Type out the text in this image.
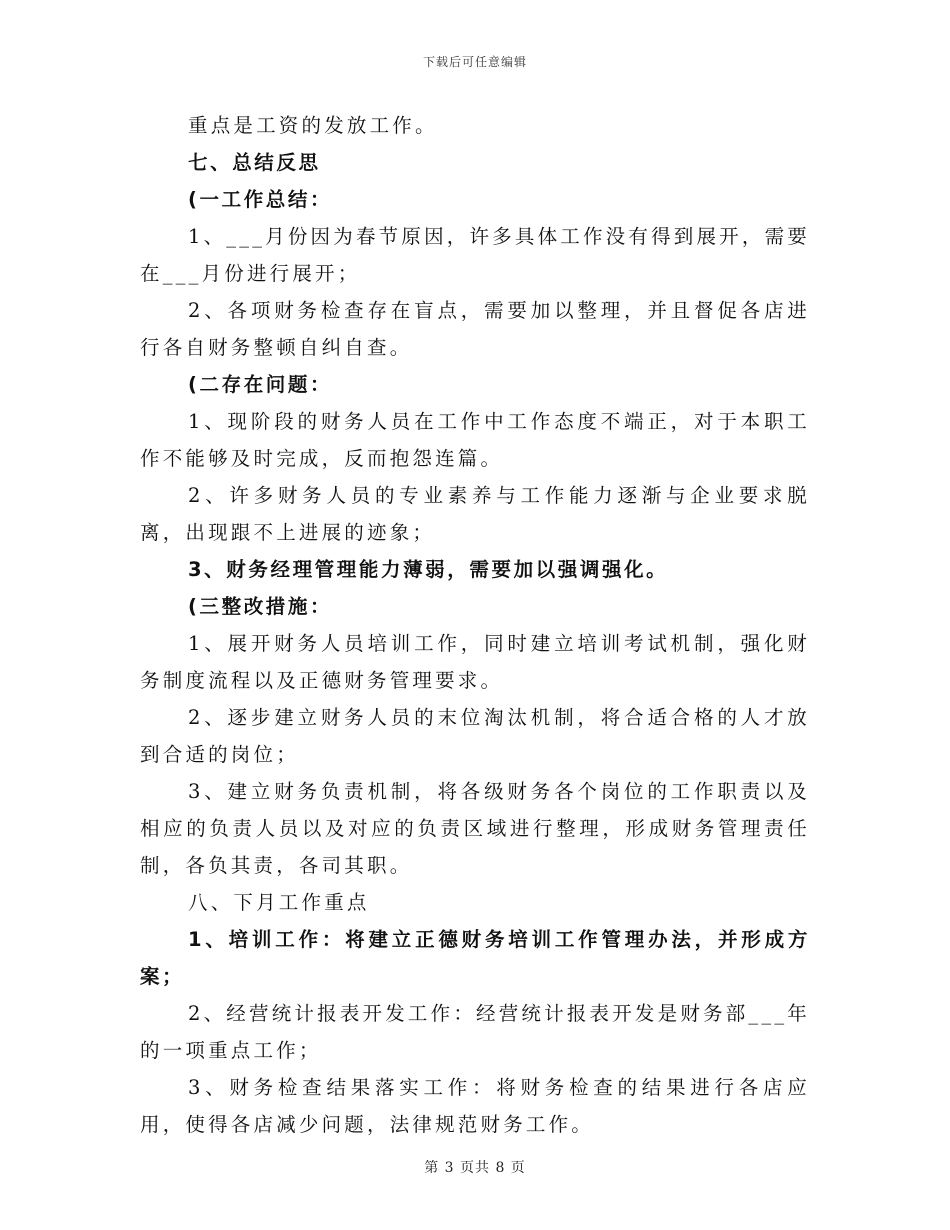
下载后可任意编辑

重点是工资的发放工作。

七、总结反思

(一工作总结：

1、___月份因为春节原因，许多具体工作没有得到展开，需要在___月份进行展开；

2、各项财务检查存在盲点，需要加以整理，并且督促各店进行各自财务整顿自纠自查。

(二存在问题：

1、现阶段的财务人员在工作中工作态度不端正，对于本职工作不能够及时完成，反而抱怨连篇。

2、许多财务人员的专业素养与工作能力逐渐与企业要求脱离，出现跟不上进展的迹象；

3、财务经理管理能力薄弱，需要加以强调强化。

(三整改措施：

1、展开财务人员培训工作，同时建立培训考试机制，强化财务制度流程以及正德财务管理要求。

2、逐步建立财务人员的末位淘汰机制，将合适合格的人才放到合适的岗位；

3、建立财务负责机制，将各级财务各个岗位的工作职责以及相应的负责人员以及对应的负责区域进行整理，形成财务管理责任制，各负其责，各司其职。

八、下月工作重点

1、培训工作：将建立正德财务培训工作管理办法，并形成方案；

2、经营统计报表开发工作：经营统计报表开发是财务部___年的一项重点工作；

3、财务检查结果落实工作：将财务检查的结果进行各店应用，使得各店减少问题，法律规范财务工作。

第 3 页共 8 页
